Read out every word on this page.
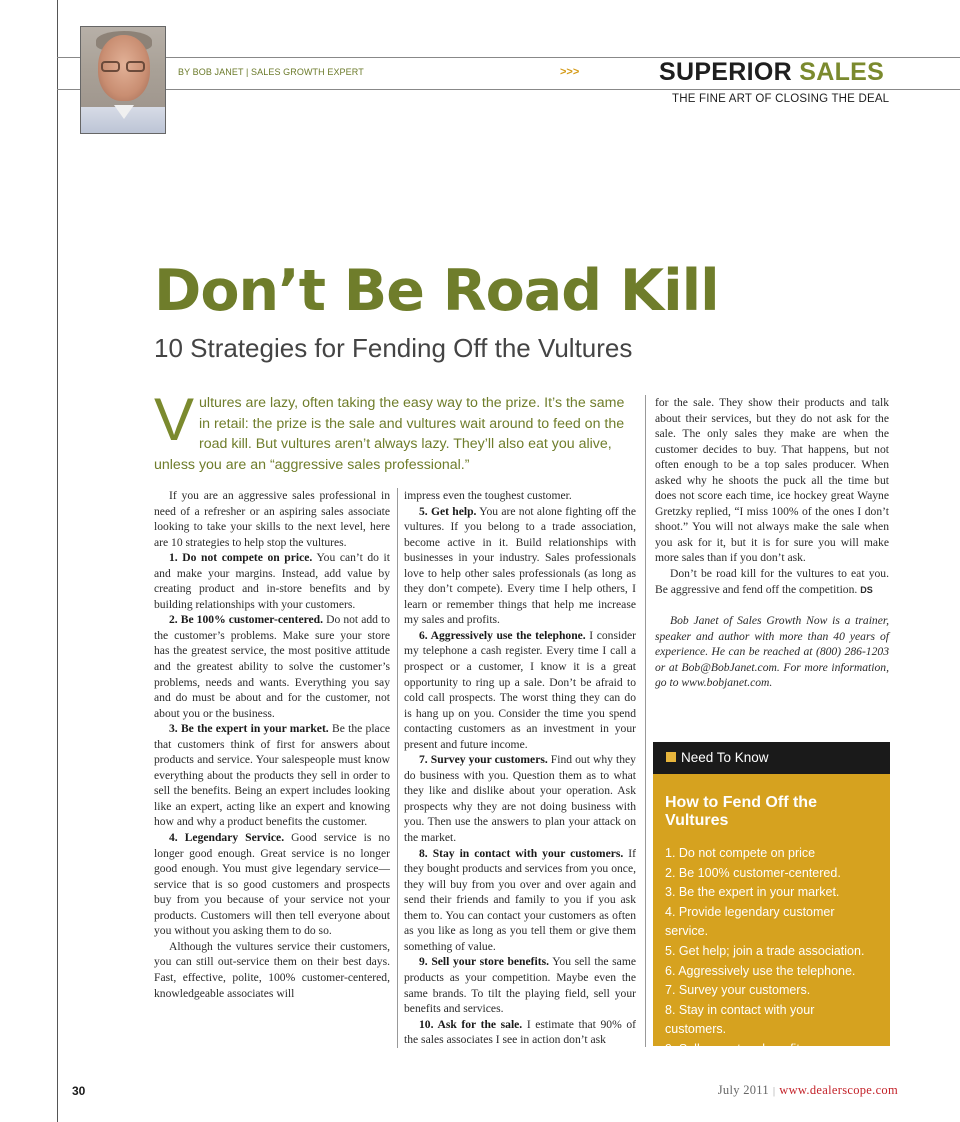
BY BOB JANET | SALES GROWTH EXPERT	>>>	SUPERIOR SALES
THE FINE ART OF CLOSING THE DEAL
Don’t Be Road Kill
10 Strategies for Fending Off the Vultures
Vultures are lazy, often taking the easy way to the prize. It’s the same in retail: the prize is the sale and vultures wait around to feed on the road kill. But vultures aren’t always lazy. They’ll also eat you alive, unless you are an “aggressive sales professional.”

If you are an aggressive sales professional in need of a refresher or an aspiring sales associate looking to take your skills to the next level, here are 10 strategies to help stop the vultures.

1. Do not compete on price. You can’t do it and make your margins. Instead, add value by creating product and in-store benefits and by building relationships with your customers.

2. Be 100% customer-centered. Do not add to the customer’s problems. Make sure your store has the greatest service, the most positive attitude and the greatest ability to solve the customer’s problems, needs and wants. Everything you say and do must be about and for the customer, not about you or the business.

3. Be the expert in your market. Be the place that customers think of first for answers about products and service. Your salespeople must know everything about the products they sell in order to sell the benefits. Being an expert includes looking like an expert, acting like an expert and knowing how and why a product benefits the customer.

4. Legendary Service. Good service is no longer good enough. Great service is no longer good enough. You must give legendary service—service that is so good customers and prospects buy from you because of your service not your products. Customers will then tell everyone about you without you asking them to do so.

Although the vultures service their customers, you can still out-service them on their best days. Fast, effective, polite, 100% customer-centered, knowledgeable associates will

impress even the toughest customer.

5. Get help. You are not alone fighting off the vultures. If you belong to a trade association, become active in it. Build relationships with businesses in your industry. Sales professionals love to help other sales professionals (as long as they don’t compete). Every time I help others, I learn or remember things that help me increase my sales and profits.

6. Aggressively use the telephone. I consider my telephone a cash register. Every time I call a prospect or a customer, I know it is a great opportunity to ring up a sale. Don’t be afraid to cold call prospects. The worst thing they can do is hang up on you. Consider the time you spend contacting customers as an investment in your present and future income.

7. Survey your customers. Find out why they do business with you. Question them as to what they like and dislike about your operation. Ask prospects why they are not doing business with you. Then use the answers to plan your attack on the market.

8. Stay in contact with your customers. If they bought products and services from you once, they will buy from you over and over again and send their friends and family to you if you ask them to. You can contact your customers as often as you like as long as you tell them or give them something of value.

9. Sell your store benefits. You sell the same products as your competition. Maybe even the same brands. To tilt the playing field, sell your benefits and services.

10. Ask for the sale. I estimate that 90% of the sales associates I see in action don’t ask

for the sale. They show their products and talk about their services, but they do not ask for the sale. The only sales they make are when the customer decides to buy. That happens, but not often enough to be a top sales producer. When asked why he shoots the puck all the time but does not score each time, ice hockey great Wayne Gretzky replied, “I miss 100% of the ones I don’t shoot.” You will not always make the sale when you ask for it, but it is for sure you will make more sales than if you don’t ask.

Don’t be road kill for the vultures to eat you. Be aggressive and fend off the competition. DS

Bob Janet of Sales Growth Now is a trainer, speaker and author with more than 40 years of experience. He can be reached at (800) 286-1203 or at Bob@BobJanet.com. For more information, go to www.bobjanet.com.

Need To Know
How to Fend Off the Vultures
1. Do not compete on price
2. Be 100% customer-centered.
3. Be the expert in your market.
4. Provide legendary customer service.
5. Get help; join a trade association.
6. Aggressively use the telephone.
7. Survey your customers.
8. Stay in contact with your customers.
9. Sell your store benefits.
10. Ask for the sale.
30	July 2011 | www.dealerscope.com
